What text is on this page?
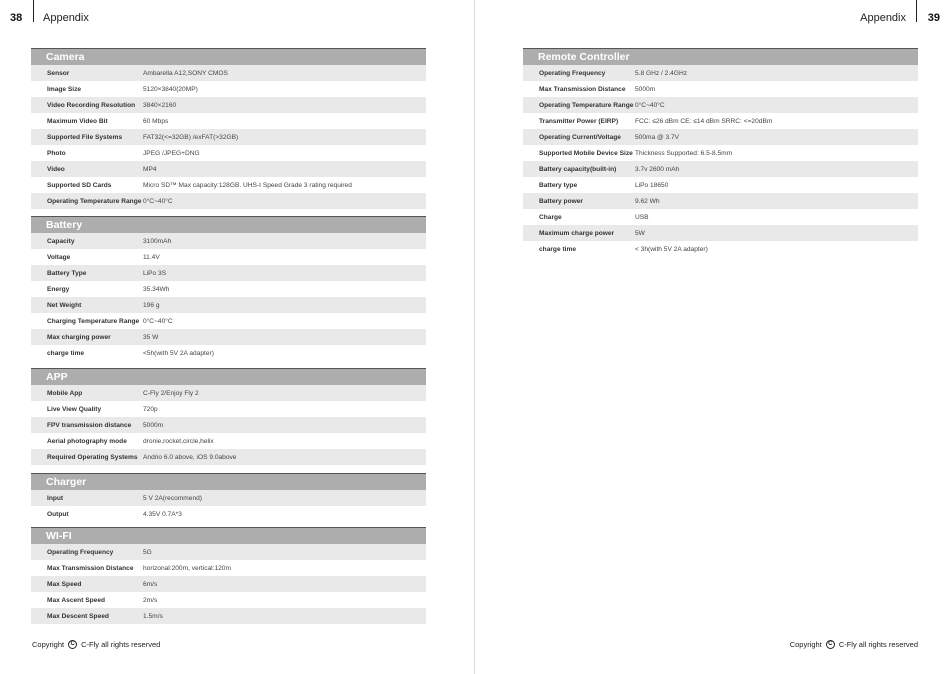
38 Appendix
Camera
Sensor	Ambarella A12,SONY CMOS
Image Size	5120×3840(20MP)
Video Recording Resolution	3840×2160
Maximum Video Bit	60 Mbps
Supported File Systems	FAT32(<=32GB) /exFAT(>32GB)
Photo	JPEG /JPEG+DNG
Video	MP4
Supported SD Cards	Micro SD™ Max capacity:128GB. UHS-I Speed Grade 3 rating required
Operating Temperature Range 0°C~40°C
Battery
Capacity	3100mAh
Voltage	11.4V
Battery Type	LiPo 3S
Energy	35.34Wh
Net Weight	196 g
Charging Temperature Range 0°C~40°C
Max charging power	35 W
charge time	<5h(with 5V 2A adapter)
APP
Mobile App	C-Fly 2/Enjoy Fly 2
Live View Quality	720p
FPV transmission distance	5000m
Aerial photography mode	dronie,rocket,circle,helix
Required Operating Systems Andrio 6.0 above, iOS 9.0above
Charger
Input	5 V 2A(recommend)
Output	4.35V 0.7A*3
WI-FI
Operating Frequency	5G
Max Transmission Distance	horizonal:200m, vertical:120m
Max Speed	6m/s
Max Ascent Speed	2m/s
Max Descent Speed	1.5m/s
Copyright	C C-Fly all rights reserved
39
Appendix
Remote Controller
Operating Frequency	5.8 GHz / 2.4GHz
Max Transmission Distance	5000m
Operating Temperature Range 0°C~40°C
Transmitter Power (EIRP)	FCC: ≤26 dBm CE: ≤14 dBm SRRC: <=20dBm
Operating Current/Voltage	500ma @ 3.7V
Supported Mobile Device Size Thickness Supported: 6.5-8.5mm
Battery capacity(built-in)	3.7v 2600 mAh
Battery type	LiPo 18650
Battery power	9.62 Wh
Charge	USB
Maximum charge power	5W
charge time	< 3h(with 5V 2A adapter)
Copyright	C C-Fly all rights reserved
